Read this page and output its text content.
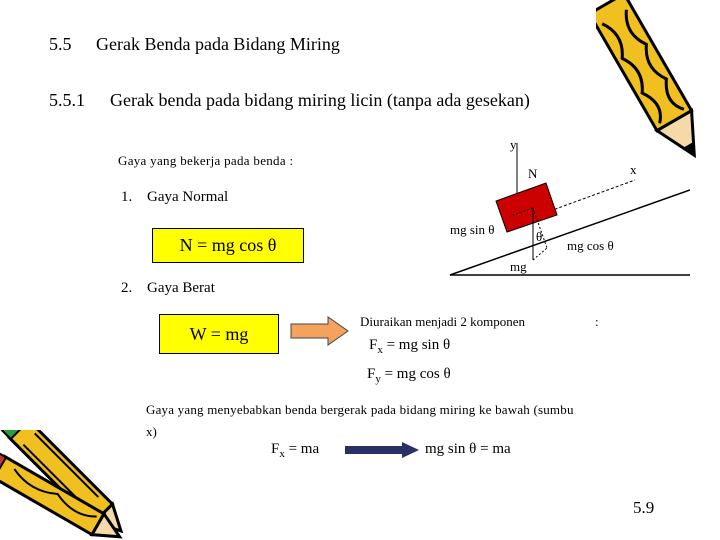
5.5 Gerak Benda pada Bidang Miring
5.5.1 Gerak benda pada bidang miring licin (tanpa ada gesekan)
Gaya yang bekerja pada benda :
1. Gaya Normal
N = mg cos θ
2. Gaya Berat
W = mg
y
x
N
mg sin θ	θ
mg cos θ
mg
Diuraikan menjadi 2 komponen	:
$F_x$ = mg sin θ
$F_y$ = mg cos θ
Gaya yang menyebabkan benda bergerak pada bidang miring ke bawah (sumbu
x)
$F_x$ = ma	mg sin θ = ma
5.9
